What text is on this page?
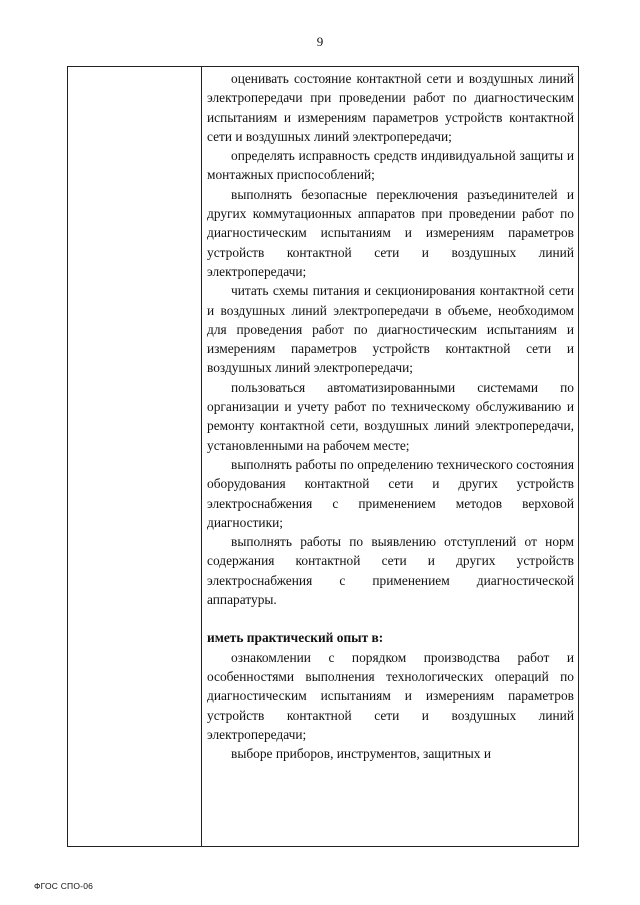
9

оценивать состояние контактной сети и воздушных линий электропередачи при проведении работ по диагностическим испытаниям и измерениям параметров устройств контактной сети и воздушных линий электропередачи;

определять исправность средств индивидуальной защиты и монтажных приспособлений;

выполнять безопасные переключения разъединителей и других коммутационных аппаратов при проведении работ по диагностическим испытаниям и измерениям параметров устройств контактной сети и воздушных линий электропередачи;

читать схемы питания и секционирования контактной сети и воздушных линий электропередачи в объеме, необходимом для проведения работ по диагностическим испытаниям и измерениям параметров устройств контактной сети и воздушных линий электропередачи;

пользоваться автоматизированными системами по организации и учету работ по техническому обслуживанию и ремонту контактной сети, воздушных линий электропередачи, установленными на рабочем месте;

выполнять работы по определению технического состояния оборудования контактной сети и других устройств электроснабжения с применением методов верховой диагностики;

выполнять работы по выявлению отступлений от норм содержания контактной сети и других устройств электроснабжения с применением диагностической аппаратуры.

иметь практический опыт в:

ознакомлении с порядком производства работ и особенностями выполнения технологических операций по диагностическим испытаниям и измерениям параметров устройств контактной сети и воздушных линий электропередачи;

выборе приборов, инструментов, защитных и

ФГОС СПО-06
